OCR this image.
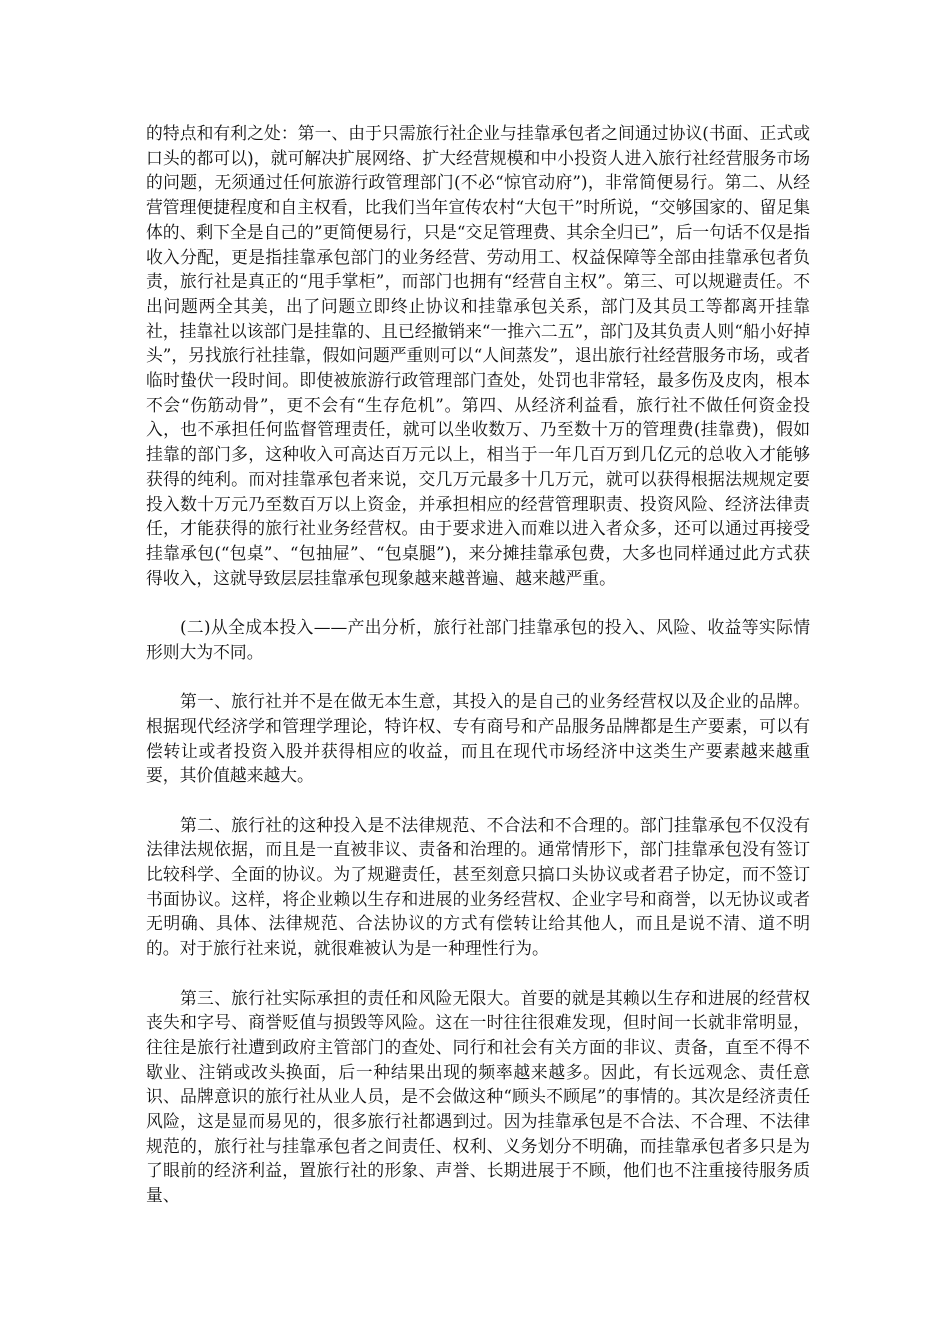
的特点和有利之处：第一、由于只需旅行社企业与挂靠承包者之间通过协议(书面、正式或口头的都可以)，就可解决扩展网络、扩大经营规模和中小投资人进入旅行社经营服务市场的问题，无须通过任何旅游行政管理部门(不必“惊官动府”)，非常简便易行。第二、从经营管理便捷程度和自主权看，比我们当年宣传农村“大包干”时所说，“交够国家的、留足集体的、剩下全是自己的”更简便易行，只是“交足管理费、其余全归已”，后一句话不仅是指收入分配，更是指挂靠承包部门的业务经营、劳动用工、权益保障等全部由挂靠承包者负责，旅行社是真正的“甩手掌柜”，而部门也拥有“经营自主权”。第三、可以规避责任。不出问题两全其美，出了问题立即终止协议和挂靠承包关系，部门及其员工等都离开挂靠社，挂靠社以该部门是挂靠的、且已经撤销来“一推六二五”，部门及其负责人则“船小好掉头”，另找旅行社挂靠，假如问题严重则可以“人间蒸发”，退出旅行社经营服务市场，或者临时蛰伏一段时间。即使被旅游行政管理部门查处，处罚也非常轻，最多伤及皮肉，根本不会“伤筋动骨”，更不会有“生存危机”。第四、从经济利益看，旅行社不做任何资金投入，也不承担任何监督管理责任，就可以坐收数万、乃至数十万的管理费(挂靠费)，假如挂靠的部门多，这种收入可高达百万元以上，相当于一年几百万到几亿元的总收入才能够获得的纯利。而对挂靠承包者来说，交几万元最多十几万元，就可以获得根据法规规定要投入数十万元乃至数百万以上资金，并承担相应的经营管理职责、投资风险、经济法律责任，才能获得的旅行社业务经营权。由于要求进入而难以进入者众多，还可以通过再接受挂靠承包(“包桌”、“包抽屉”、“包桌腿”)，来分摊挂靠承包费，大多也同样通过此方式获得收入，这就导致层层挂靠承包现象越来越普遍、越来越严重。

(二)从全成本投入——产出分析，旅行社部门挂靠承包的投入、风险、收益等实际情形则大为不同。

第一、旅行社并不是在做无本生意，其投入的是自己的业务经营权以及企业的品牌。根据现代经济学和管理学理论，特许权、专有商号和产品服务品牌都是生产要素，可以有偿转让或者投资入股并获得相应的收益，而且在现代市场经济中这类生产要素越来越重要，其价值越来越大。

第二、旅行社的这种投入是不法律规范、不合法和不合理的。部门挂靠承包不仅没有法律法规依据，而且是一直被非议、责备和治理的。通常情形下，部门挂靠承包没有签订比较科学、全面的协议。为了规避责任，甚至刻意只搞口头协议或者君子协定，而不签订书面协议。这样，将企业赖以生存和进展的业务经营权、企业字号和商誉，以无协议或者无明确、具体、法律规范、合法协议的方式有偿转让给其他人，而且是说不清、道不明的。对于旅行社来说，就很难被认为是一种理性行为。

第三、旅行社实际承担的责任和风险无限大。首要的就是其赖以生存和进展的经营权丧失和字号、商誉贬值与损毁等风险。这在一时往往很难发现，但时间一长就非常明显，往往是旅行社遭到政府主管部门的查处、同行和社会有关方面的非议、责备，直至不得不歇业、注销或改头换面，后一种结果出现的频率越来越多。因此，有长远观念、责任意识、品牌意识的旅行社从业人员，是不会做这种“顾头不顾尾”的事情的。其次是经济责任风险，这是显而易见的，很多旅行社都遇到过。因为挂靠承包是不合法、不合理、不法律规范的，旅行社与挂靠承包者之间责任、权利、义务划分不明确，而挂靠承包者多只是为了眼前的经济利益，置旅行社的形象、声誉、长期进展于不顾，他们也不注重接待服务质量、
